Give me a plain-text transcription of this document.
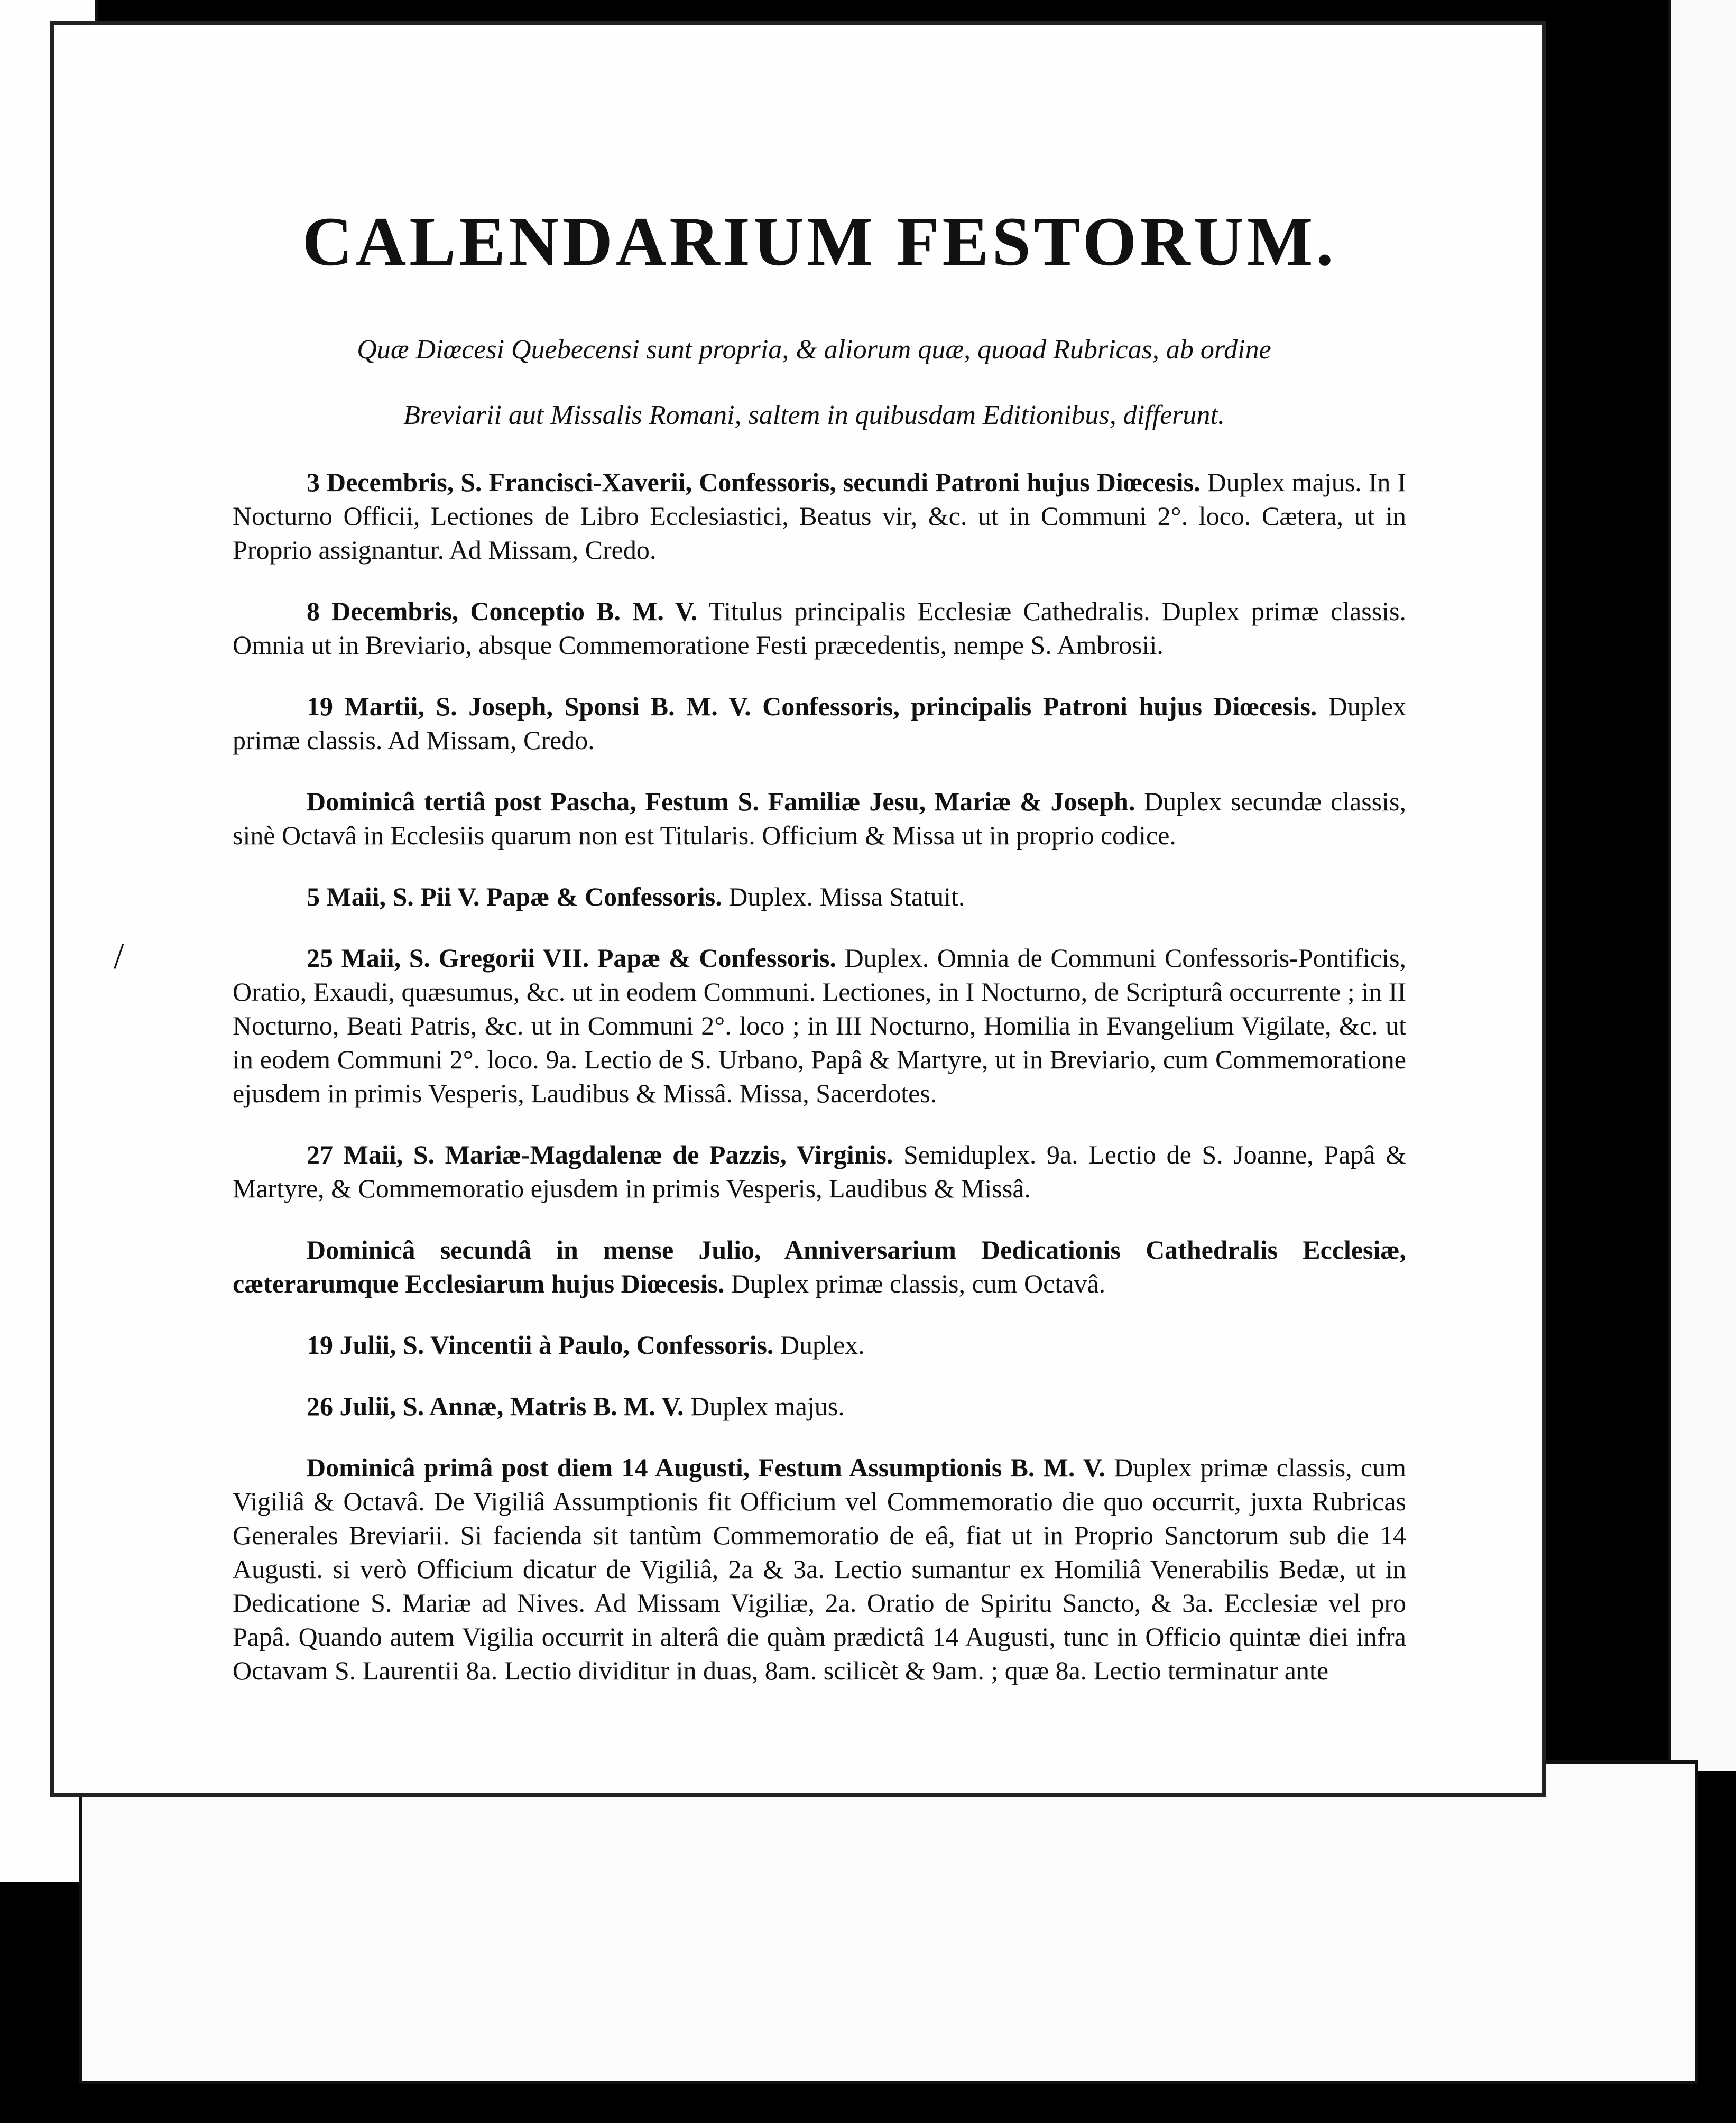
/
CALENDARIUM FESTORUM.
Quæ Diœcesi Quebecensi sunt propria, & aliorum quæ, quoad Rubricas, ab ordine
Breviarii aut Missalis Romani, saltem in quibusdam Editionibus, differunt.

3 Decembris, S. Francisci-Xaverii, Confessoris, secundi Patroni hujus Diœcesis. Duplex majus. In I Nocturno Officii, Lectiones de Libro Ecclesiastici, Beatus vir, &c. ut in Communi 2°. loco. Cætera, ut in Proprio assignantur. Ad Missam, Credo.

8 Decembris, Conceptio B. M. V. Titulus principalis Ecclesiæ Cathedralis. Duplex primæ classis. Omnia ut in Breviario, absque Commemoratione Festi præcedentis, nempe S. Ambrosii.

19 Martii, S. Joseph, Sponsi B. M. V. Confessoris, principalis Patroni hujus Diœcesis. Duplex primæ classis. Ad Missam, Credo.

Dominicâ tertiâ post Pascha, Festum S. Familiæ Jesu, Mariæ & Joseph. Duplex secundæ classis, sinè Octavâ in Ecclesiis quarum non est Titularis. Officium & Missa ut in proprio codice.

5 Maii, S. Pii V. Papæ & Confessoris. Duplex. Missa Statuit.

25 Maii, S. Gregorii VII. Papæ & Confessoris. Duplex. Omnia de Communi Confessoris-Pontificis, Oratio, Exaudi, quæsumus, &c. ut in eodem Communi. Lectiones, in I Nocturno, de Scripturâ occurrente ; in II Nocturno, Beati Patris, &c. ut in Communi 2°. loco ; in III Nocturno, Homilia in Evangelium Vigilate, &c. ut in eodem Communi 2°. loco. 9a. Lectio de S. Urbano, Papâ & Martyre, ut in Breviario, cum Commemoratione ejusdem in primis Vesperis, Laudibus & Missâ. Missa, Sacerdotes.

27 Maii, S. Mariæ-Magdalenæ de Pazzis, Virginis. Semiduplex. 9a. Lectio de S. Joanne, Papâ & Martyre, & Commemoratio ejusdem in primis Vesperis, Laudibus & Missâ.

Dominicâ secundâ in mense Julio, Anniversarium Dedicationis Cathedralis Ecclesiæ, cæterarumque Ecclesiarum hujus Diœcesis. Duplex primæ classis, cum Octavâ.

19 Julii, S. Vincentii à Paulo, Confessoris. Duplex.

26 Julii, S. Annæ, Matris B. M. V. Duplex majus.

Dominicâ primâ post diem 14 Augusti, Festum Assumptionis B. M. V. Duplex primæ classis, cum Vigiliâ & Octavâ. De Vigiliâ Assumptionis fit Officium vel Commemoratio die quo occurrit, juxta Rubricas Generales Breviarii. Si facienda sit tantùm Commemoratio de eâ, fiat ut in Proprio Sanctorum sub die 14 Augusti. si verò Officium dicatur de Vigiliâ, 2a & 3a. Lectio sumantur ex Homiliâ Venerabilis Bedæ, ut in Dedicatione S. Mariæ ad Nives. Ad Missam Vigiliæ, 2a. Oratio de Spiritu Sancto, & 3a. Ecclesiæ vel pro Papâ. Quando autem Vigilia occurrit in alterâ die quàm prædictâ 14 Augusti, tunc in Officio quintæ diei infra Octavam S. Laurentii 8a. Lectio dividitur in duas, 8am. scilicèt & 9am. ; quæ 8a. Lectio terminatur ante
